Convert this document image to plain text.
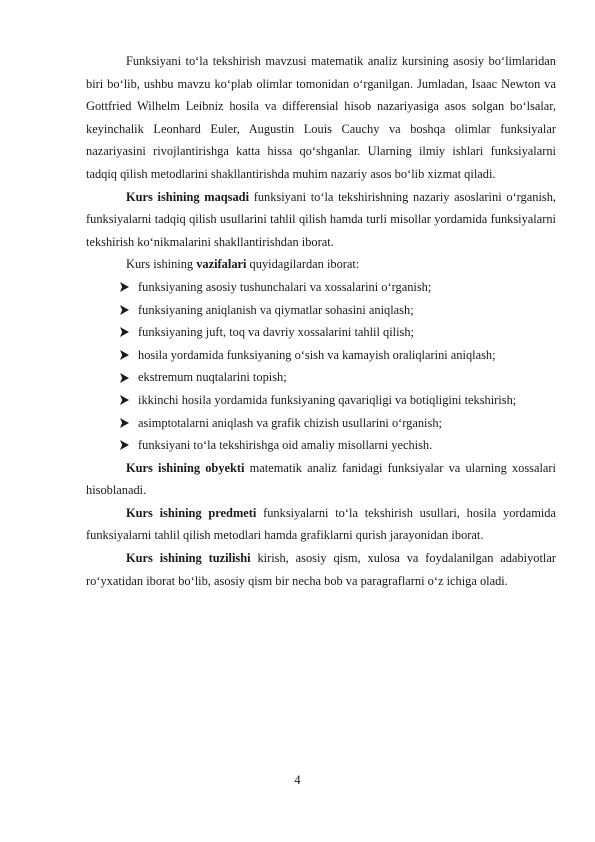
Funksiyani to‘la tekshirish mavzusi matematik analiz kursining asosiy bo‘limlaridan biri bo‘lib, ushbu mavzu ko‘plab olimlar tomonidan o‘rganilgan. Jumladan, Isaac Newton va Gottfried Wilhelm Leibniz hosila va differensial hisob nazariyasiga asos solgan bo‘lsalar, keyinchalik Leonhard Euler, Augustin Louis Cauchy va boshqa olimlar funksiyalar nazariyasini rivojlantirishga katta hissa qo‘shganlar. Ularning ilmiy ishlari funksiyalarni tadqiq qilish metodlarini shakllantirishda muhim nazariy asos bo‘lib xizmat qiladi.

Kurs ishining maqsadi funksiyani to‘la tekshirishning nazariy asoslarini o‘rganish, funksiyalarni tadqiq qilish usullarini tahlil qilish hamda turli misollar yordamida funksiyalarni tekshirish ko‘nikmalarini shakllantirishdan iborat.

Kurs ishining vazifalari quyidagilardan iborat:

funksiyaning asosiy tushunchalari va xossalarini o‘rganish;
funksiyaning aniqlanish va qiymatlar sohasini aniqlash;
funksiyaning juft, toq va davriy xossalarini tahlil qilish;
hosila yordamida funksiyaning o‘sish va kamayish oraliqlarini aniqlash;
ekstremum nuqtalarini topish;
ikkinchi hosila yordamida funksiyaning qavariqligi va botiqligini tekshirish;
asimptotalarni aniqlash va grafik chizish usullarini o‘rganish;
funksiyani to‘la tekshirishga oid amaliy misollarni yechish.

Kurs ishining obyekti matematik analiz fanidagi funksiyalar va ularning xossalari hisoblanadi.

Kurs ishining predmeti funksiyalarni to‘la tekshirish usullari, hosila yordamida funksiyalarni tahlil qilish metodlari hamda grafiklarni qurish jarayonidan iborat.

Kurs ishining tuzilishi kirish, asosiy qism, xulosa va foydalanilgan adabiyotlar ro‘yxatidan iborat bo‘lib, asosiy qism bir necha bob va paragraflarni o‘z ichiga oladi.

4
